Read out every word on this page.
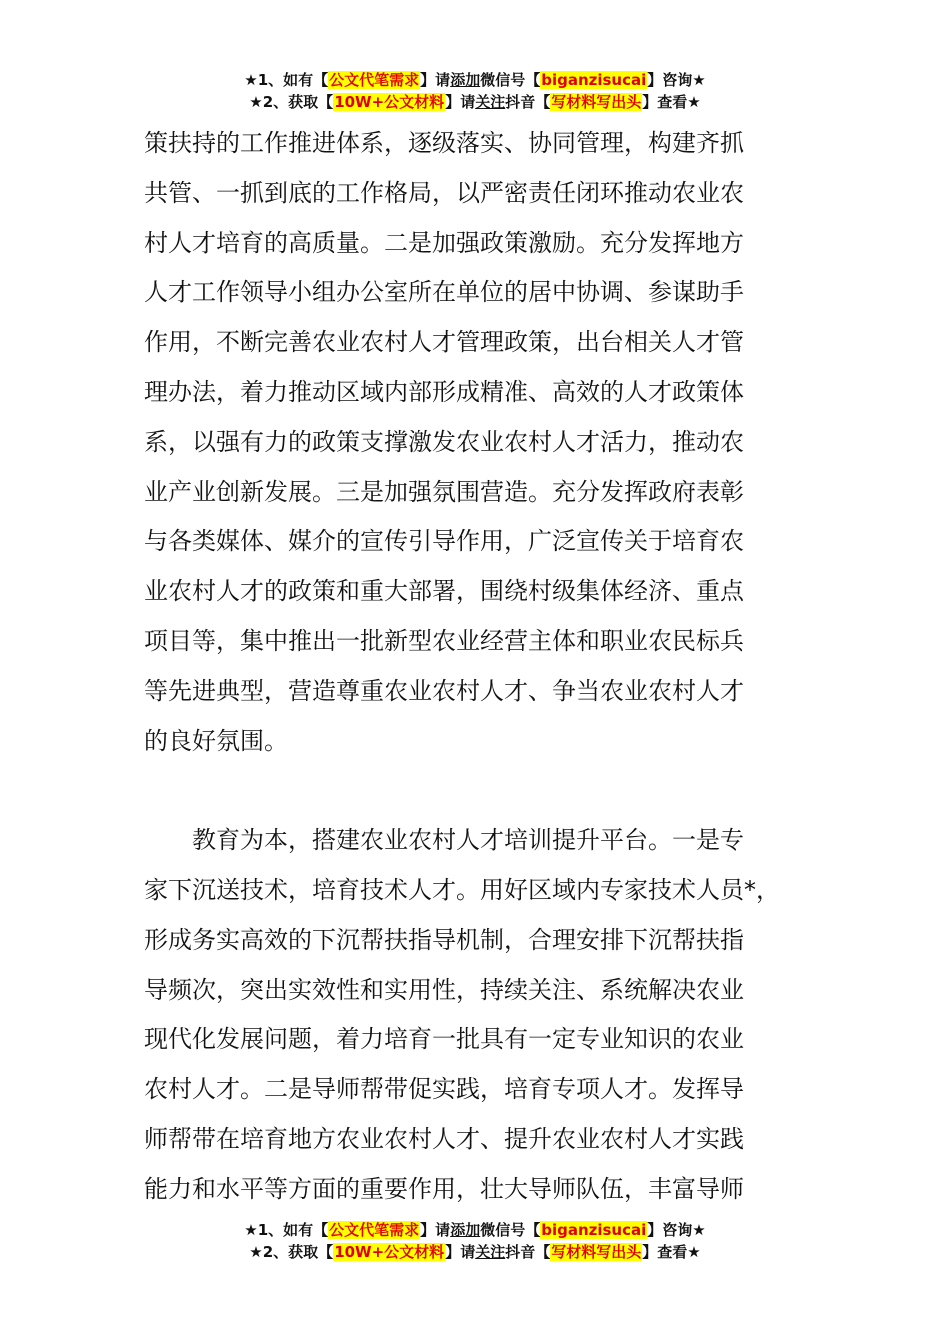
★1、如有【公文代笔需求】请添加微信号【biganzisucai】咨询★
★2、获取【10W+公文材料】请关注抖音【写材料写出头】查看★
策扶持的工作推进体系，逐级落实、协同管理，构建齐抓
共管、一抓到底的工作格局，以严密责任闭环推动农业农
村人才培育的高质量。二是加强政策激励。充分发挥地方
人才工作领导小组办公室所在单位的居中协调、参谋助手
作用，不断完善农业农村人才管理政策，出台相关人才管
理办法，着力推动区域内部形成精准、高效的人才政策体
系，以强有力的政策支撑激发农业农村人才活力，推动农
业产业创新发展。三是加强氛围营造。充分发挥政府表彰
与各类媒体、媒介的宣传引导作用，广泛宣传关于培育农
业农村人才的政策和重大部署，围绕村级集体经济、重点
项目等，集中推出一批新型农业经营主体和职业农民标兵
等先进典型，营造尊重农业农村人才、争当农业农村人才
的良好氛围。
　　教育为本，搭建农业农村人才培训提升平台。一是专
家下沉送技术，培育技术人才。用好区域内专家技术人员*，
形成务实高效的下沉帮扶指导机制，合理安排下沉帮扶指
导频次，突出实效性和实用性，持续关注、系统解决农业
现代化发展问题，着力培育一批具有一定专业知识的农业
农村人才。二是导师帮带促实践，培育专项人才。发挥导
师帮带在培育地方农业农村人才、提升农业农村人才实践
能力和水平等方面的重要作用，壮大导师队伍，丰富导师
★1、如有【公文代笔需求】请添加微信号【biganzisucai】咨询★
★2、获取【10W+公文材料】请关注抖音【写材料写出头】查看★
